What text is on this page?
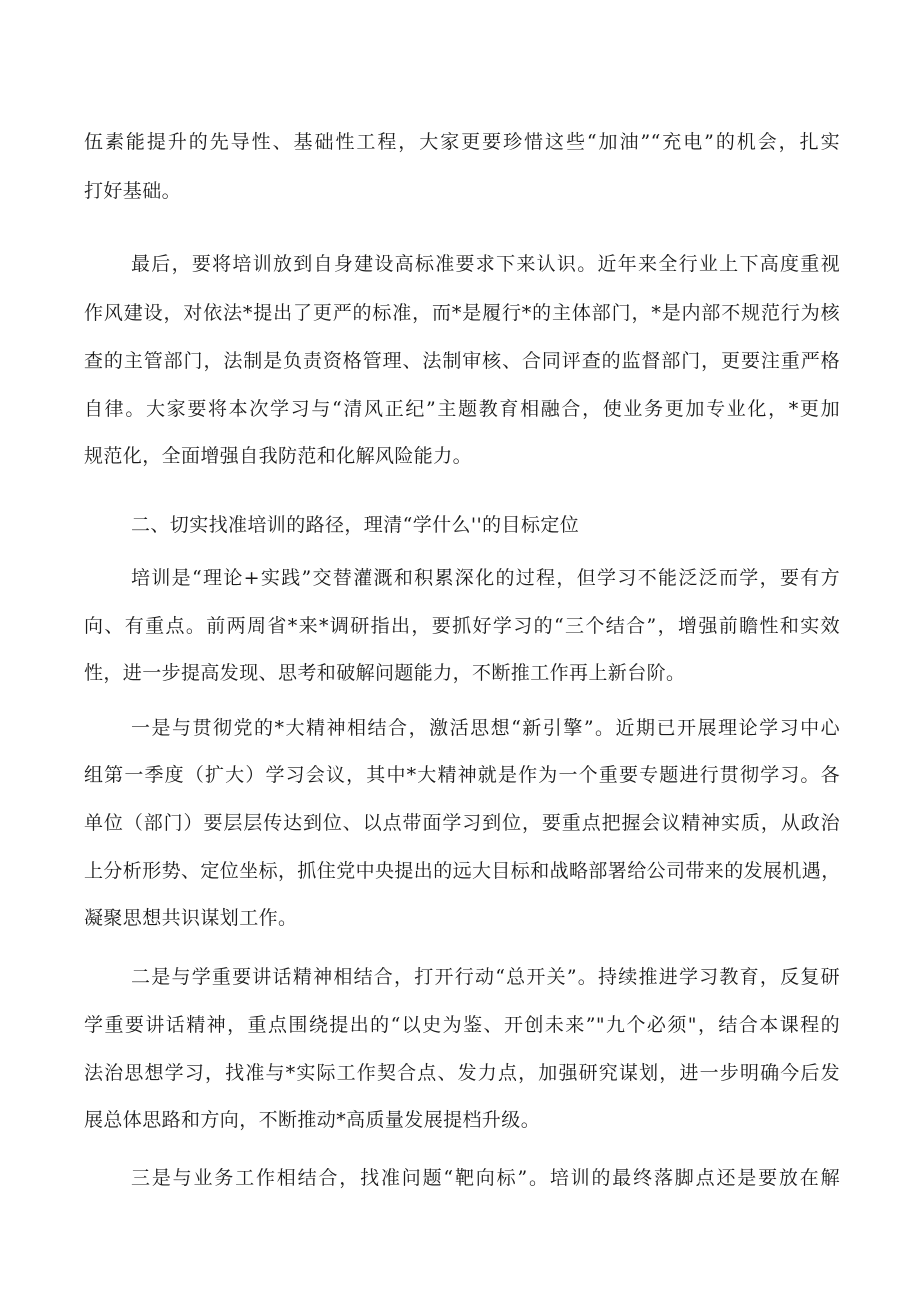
伍素能提升的先导性、基础性工程，大家更要珍惜这些“加油”“充电”的机会，扎实
打好基础。
最后，要将培训放到自身建设高标准要求下来认识。近年来全行业上下高度重视
作风建设，对依法*提出了更严的标准，而*是履行*的主体部门，*是内部不规范行为核
查的主管部门，法制是负责资格管理、法制审核、合同评查的监督部门，更要注重严格
自律。大家要将本次学习与“清风正纪”主题教育相融合，使业务更加专业化，*更加
规范化，全面增强自我防范和化解风险能力。
二、切实找准培训的路径，理清“学什么''的目标定位
培训是“理论+实践”交替灌溉和积累深化的过程，但学习不能泛泛而学，要有方
向、有重点。前两周省*来*调研指出，要抓好学习的“三个结合”，增强前瞻性和实效
性，进一步提高发现、思考和破解问题能力，不断推工作再上新台阶。
一是与贯彻党的*大精神相结合，激活思想“新引擎”。近期已开展理论学习中心
组第一季度（扩大）学习会议，其中*大精神就是作为一个重要专题进行贯彻学习。各
单位（部门）要层层传达到位、以点带面学习到位，要重点把握会议精神实质，从政治
上分析形势、定位坐标，抓住党中央提出的远大目标和战略部署给公司带来的发展机遇，
凝聚思想共识谋划工作。
二是与学重要讲话精神相结合，打开行动“总开关”。持续推进学习教育，反复研
学重要讲话精神，重点围绕提出的“以史为鉴、开创未来”"九个必须"，结合本课程的
法治思想学习，找准与*实际工作契合点、发力点，加强研究谋划，进一步明确今后发
展总体思路和方向，不断推动*高质量发展提档升级。
三是与业务工作相结合，找准问题“靶向标”。培训的最终落脚点还是要放在解
